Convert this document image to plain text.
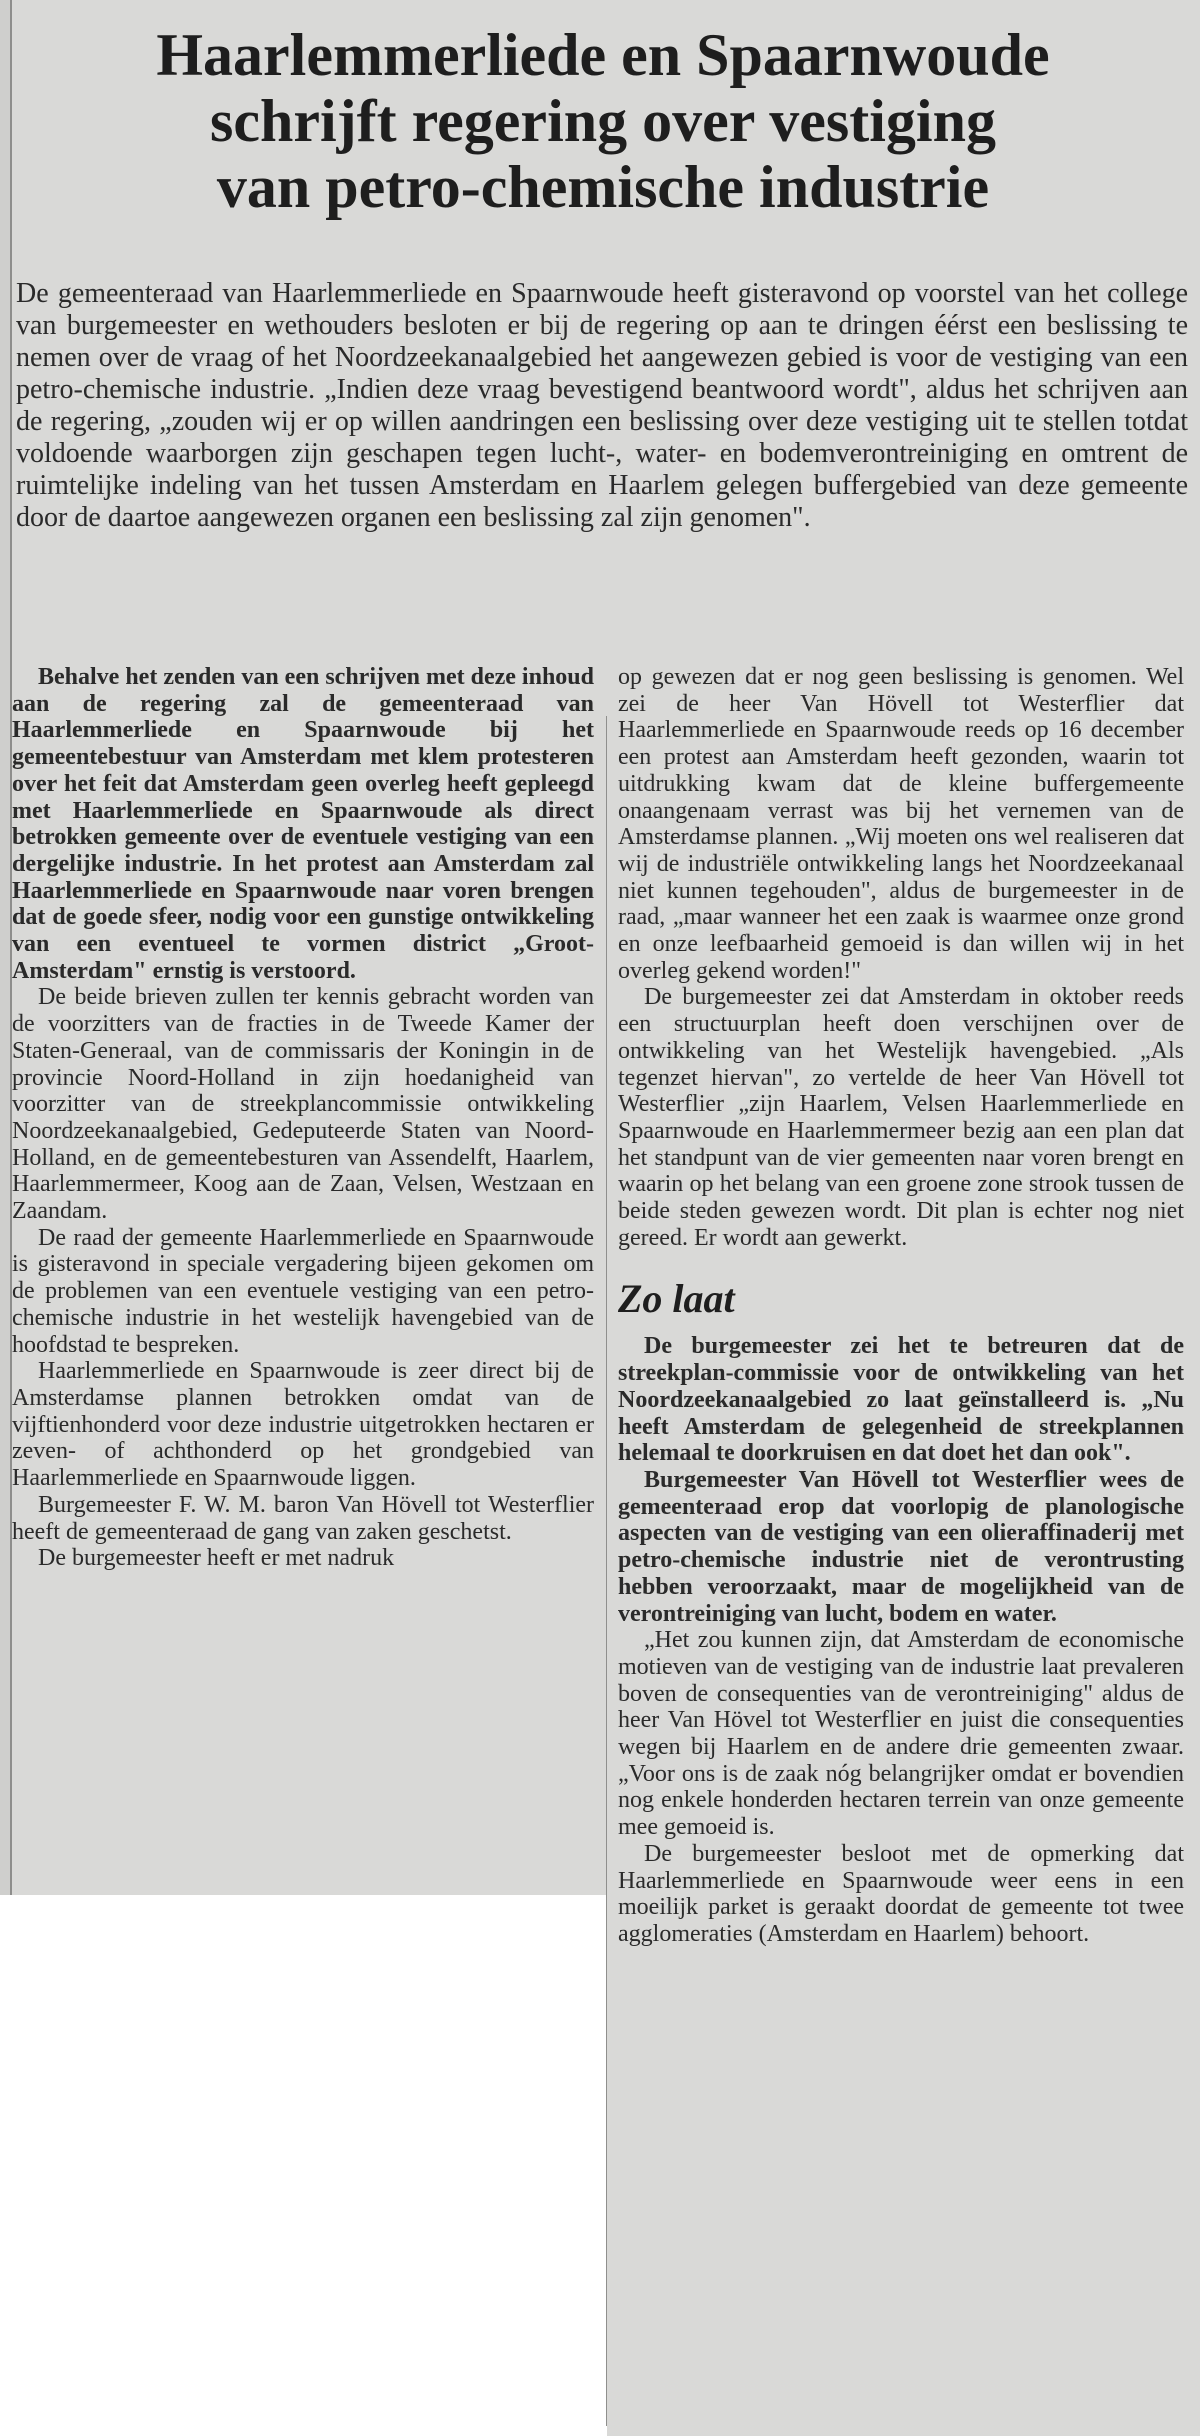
Haarlemmerliede en Spaarnwoude
schrijft regering over vestiging
van petro-chemische industrie

De gemeenteraad van Haarlemmerliede en Spaarnwoude heeft gisteravond op voorstel van het college van burgemeester en wethouders besloten er bij de regering op aan te dringen éérst een beslissing te nemen over de vraag of het Noordzeekanaalgebied het aangewezen gebied is voor de vestiging van een petro-chemische industrie. „Indien deze vraag bevestigend beantwoord wordt", aldus het schrijven aan de regering, „zouden wij er op willen aandringen een beslissing over deze vestiging uit te stellen totdat voldoende waarborgen zijn geschapen tegen lucht-, water- en bodemverontreiniging en omtrent de ruimtelijke indeling van het tussen Amsterdam en Haarlem gelegen buffergebied van deze gemeente door de daartoe aangewezen organen een beslissing zal zijn genomen".

Behalve het zenden van een schrijven met deze inhoud aan de regering zal de gemeenteraad van Haarlemmerliede en Spaarnwoude bij het gemeentebestuur van Amsterdam met klem protesteren over het feit dat Amsterdam geen overleg heeft gepleegd met Haarlemmerliede en Spaarnwoude als direct betrokken gemeente over de eventuele vestiging van een dergelijke industrie. In het protest aan Amsterdam zal Haarlemmerliede en Spaarnwoude naar voren brengen dat de goede sfeer, nodig voor een gunstige ontwikkeling van een eventueel te vormen district „Groot-Amsterdam" ernstig is verstoord.

De beide brieven zullen ter kennis gebracht worden van de voorzitters van de fracties in de Tweede Kamer der Staten-Generaal, van de commissaris der Koningin in de provincie Noord-Holland in zijn hoedanigheid van voorzitter van de streekplancommissie ontwikkeling Noordzeekanaalgebied, Gedeputeerde Staten van Noord-Holland, en de gemeentebesturen van Assendelft, Haarlem, Haarlemmermeer, Koog aan de Zaan, Velsen, Westzaan en Zaandam.

De raad der gemeente Haarlemmerliede en Spaarnwoude is gisteravond in speciale vergadering bijeen gekomen om de problemen van een eventuele vestiging van een petro-chemische industrie in het westelijk havengebied van de hoofdstad te bespreken.

Haarlemmerliede en Spaarnwoude is zeer direct bij de Amsterdamse plannen betrokken omdat van de vijftienhonderd voor deze industrie uitgetrokken hectaren er zeven- of achthonderd op het grondgebied van Haarlemmerliede en Spaarnwoude liggen.

Burgemeester F. W. M. baron Van Hövell tot Westerflier heeft de gemeenteraad de gang van zaken geschetst.

De burgemeester heeft er met nadruk

op gewezen dat er nog geen beslissing is genomen. Wel zei de heer Van Hövell tot Westerflier dat Haarlemmerliede en Spaarnwoude reeds op 16 december een protest aan Amsterdam heeft gezonden, waarin tot uitdrukking kwam dat de kleine buffergemeente onaangenaam verrast was bij het vernemen van de Amsterdamse plannen. „Wij moeten ons wel realiseren dat wij de industriële ontwikkeling langs het Noordzeekanaal niet kunnen tegehouden", aldus de burgemeester in de raad, „maar wanneer het een zaak is waarmee onze grond en onze leefbaarheid gemoeid is dan willen wij in het overleg gekend worden!"

De burgemeester zei dat Amsterdam in oktober reeds een structuurplan heeft doen verschijnen over de ontwikkeling van het Westelijk havengebied. „Als tegenzet hiervan", zo vertelde de heer Van Hövell tot Westerflier „zijn Haarlem, Velsen Haarlemmerliede en Spaarnwoude en Haarlemmermeer bezig aan een plan dat het standpunt van de vier gemeenten naar voren brengt en waarin op het belang van een groene zone strook tussen de beide steden gewezen wordt. Dit plan is echter nog niet gereed. Er wordt aan gewerkt.

Zo laat

De burgemeester zei het te betreuren dat de streekplan-commissie voor de ontwikkeling van het Noordzeekanaalgebied zo laat geïnstalleerd is. „Nu heeft Amsterdam de gelegenheid de streekplannen helemaal te doorkruisen en dat doet het dan ook".

Burgemeester Van Hövell tot Westerflier wees de gemeenteraad erop dat voorlopig de planologische aspecten van de vestiging van een olieraffinaderij met petro-chemische industrie niet de verontrusting hebben veroorzaakt, maar de mogelijkheid van de verontreiniging van lucht, bodem en water.

„Het zou kunnen zijn, dat Amsterdam de economische motieven van de vestiging van de industrie laat prevaleren boven de consequenties van de verontreiniging" aldus de heer Van Hövel tot Westerflier en juist die consequenties wegen bij Haarlem en de andere drie gemeenten zwaar. „Voor ons is de zaak nóg belangrijker omdat er bovendien nog enkele honderden hectaren terrein van onze gemeente mee gemoeid is.

De burgemeester besloot met de opmerking dat Haarlemmerliede en Spaarnwoude weer eens in een moeilijk parket is geraakt doordat de gemeente tot twee agglomeraties (Amsterdam en Haarlem) behoort.
